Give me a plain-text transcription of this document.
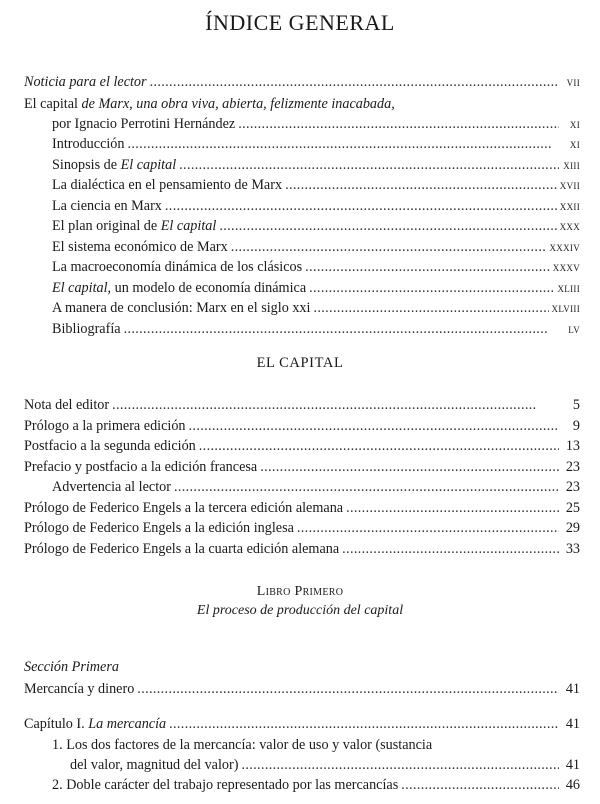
ÍNDICE GENERAL
Noticia para el lector . . .	vii
El capital de Marx, una obra viva, abierta, felizmente inacabada,
por Ignacio Perrotini Hernández . . .	xi
Introducción . . .	xi
Sinopsis de El capital . . .	xiii
La dialéctica en el pensamiento de Marx . . .	xvii
La ciencia en Marx . . .	xxii
El plan original de El capital . . .	xxx
El sistema económico de Marx . . .	xxxiv
La macroeconomía dinámica de los clásicos . . .	xxxv
El capital, un modelo de economía dinámica . . .	xliii
A manera de conclusión: Marx en el siglo xxi . . .	xlviii
Bibliografía . . .	lv
EL CAPITAL
Nota del editor . . .	5
Prólogo a la primera edición . . .	9
Postfacio a la segunda edición . . .	13
Prefacio y postfacio a la edición francesa . . .	23
Advertencia al lector . . .	23
Prólogo de Federico Engels a la tercera edición alemana . . .	25
Prólogo de Federico Engels a la edición inglesa . . .	29
Prólogo de Federico Engels a la cuarta edición alemana . . .	33
Libro Primero
El proceso de producción del capital
Sección Primera
Mercancía y dinero . . .	41
Capítulo I. La mercancía . . .	41
1. Los dos factores de la mercancía: valor de uso y valor (sustancia
del valor, magnitud del valor) . . .	41
2. Doble carácter del trabajo representado por las mercancías . . .	46
